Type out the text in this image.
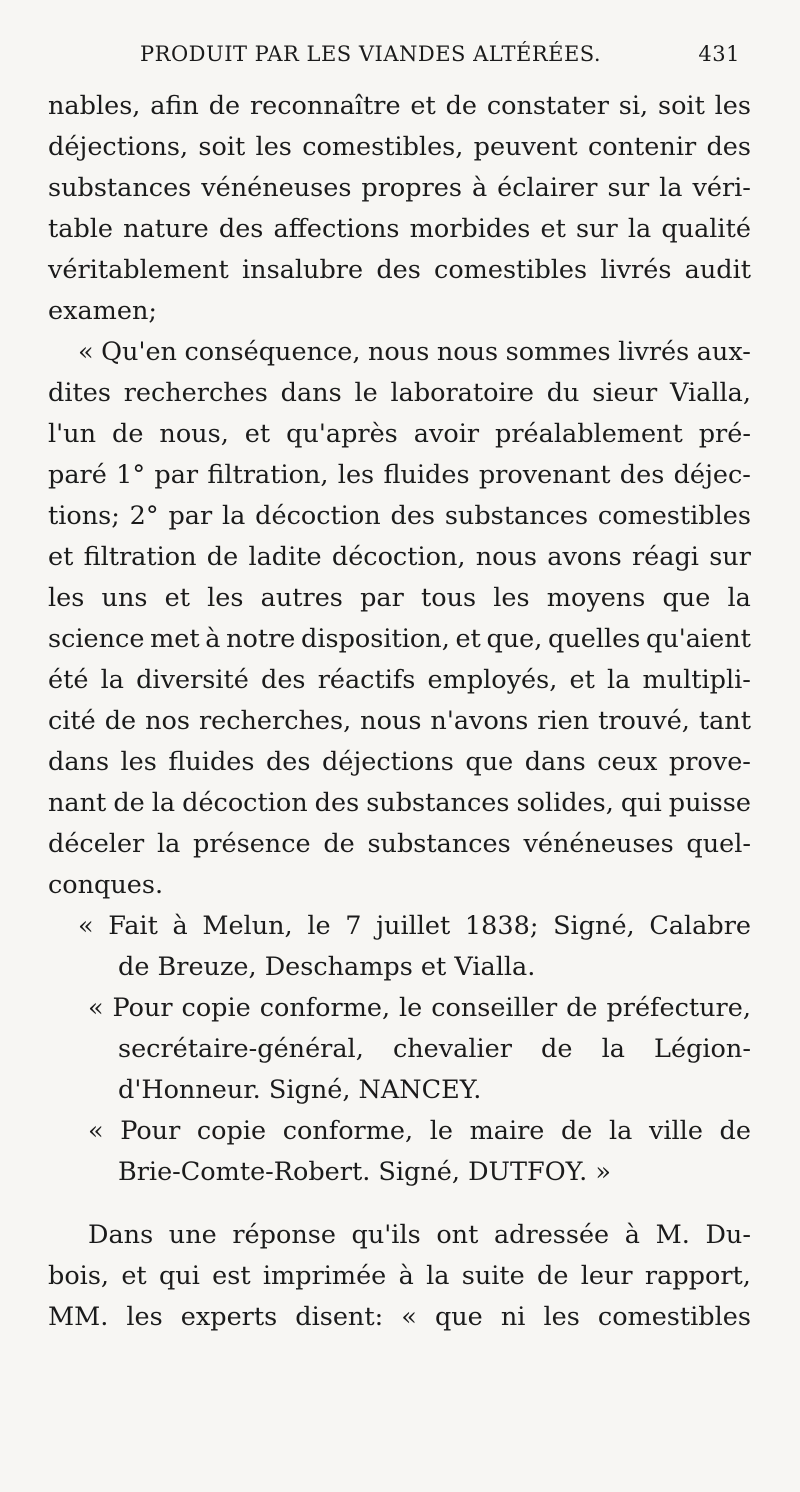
PRODUIT PAR LES VIANDES ALTÉRÉES.	431
nables, afin de reconnaître et de constater si, soit les
déjections, soit les comestibles, peuvent contenir des
substances vénéneuses propres à éclairer sur la véri-
table nature des affections morbides et sur la qualité
véritablement insalubre des comestibles livrés audit
examen;
« Qu'en conséquence, nous nous sommes livrés aux-
dites recherches dans le laboratoire du sieur Vialla,
l'un de nous, et qu'après avoir préalablement pré-
paré 1° par filtration, les fluides provenant des déjec-
tions; 2° par la décoction des substances comestibles
et filtration de ladite décoction, nous avons réagi sur
les uns et les autres par tous les moyens que la
science met à notre disposition, et que, quelles qu'aient
été la diversité des réactifs employés, et la multipli-
cité de nos recherches, nous n'avons rien trouvé, tant
dans les fluides des déjections que dans ceux prove-
nant de la décoction des substances solides, qui puisse
déceler la présence de substances vénéneuses quel-
conques.
« Fait à Melun, le 7 juillet 1838; Signé, Calabre
de Breuze, Deschamps et Vialla.
« Pour copie conforme, le conseiller de préfecture,
secrétaire-général, chevalier de la Légion-
d'Honneur. Signé, NANCEY.
« Pour copie conforme, le maire de la ville de
Brie-Comte-Robert. Signé, DUTFOY. »
Dans une réponse qu'ils ont adressée à M. Du-
bois, et qui est imprimée à la suite de leur rapport,
MM. les experts disent: « que ni les comestibles
